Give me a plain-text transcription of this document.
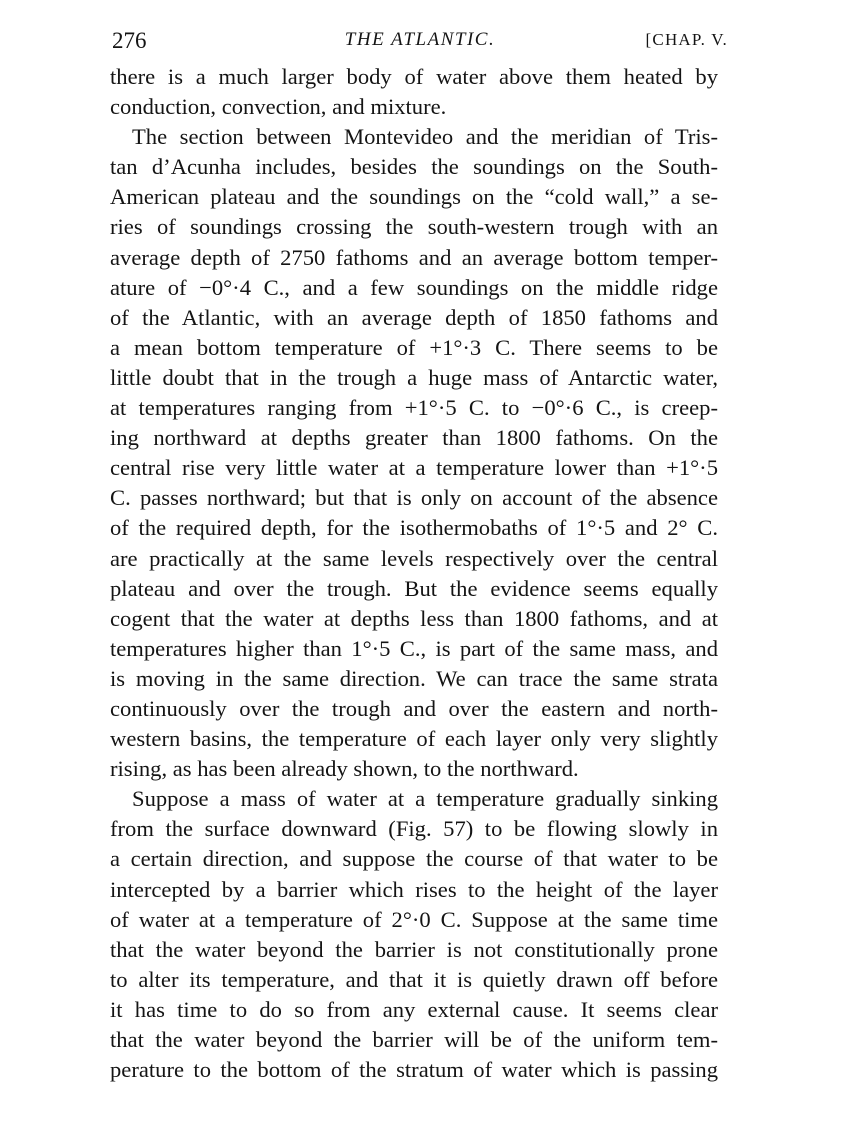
276	THE ATLANTIC.	[CHAP. V.

there is a much larger body of water above them heated by
conduction, convection, and mixture.

The section between Montevideo and the meridian of Tris-
tan d’Acunha includes, besides the soundings on the South-
American plateau and the soundings on the “cold wall,” a se-
ries of soundings crossing the south-western trough with an
average depth of 2750 fathoms and an average bottom temper-
ature of −0°·4 C., and a few soundings on the middle ridge
of the Atlantic, with an average depth of 1850 fathoms and
a mean bottom temperature of +1°·3 C. There seems to be
little doubt that in the trough a huge mass of Antarctic water,
at temperatures ranging from +1°·5 C. to −0°·6 C., is creep-
ing northward at depths greater than 1800 fathoms. On the
central rise very little water at a temperature lower than +1°·5
C. passes northward; but that is only on account of the absence
of the required depth, for the isothermobaths of 1°·5 and 2° C.
are practically at the same levels respectively over the central
plateau and over the trough. But the evidence seems equally
cogent that the water at depths less than 1800 fathoms, and at
temperatures higher than 1°·5 C., is part of the same mass, and
is moving in the same direction. We can trace the same strata
continuously over the trough and over the eastern and north-
western basins, the temperature of each layer only very slightly
rising, as has been already shown, to the northward.

Suppose a mass of water at a temperature gradually sinking
from the surface downward (Fig. 57) to be flowing slowly in
a certain direction, and suppose the course of that water to be
intercepted by a barrier which rises to the height of the layer
of water at a temperature of 2°·0 C. Suppose at the same time
that the water beyond the barrier is not constitutionally prone
to alter its temperature, and that it is quietly drawn off before
it has time to do so from any external cause. It seems clear
that the water beyond the barrier will be of the uniform tem-
perature to the bottom of the stratum of water which is passing
